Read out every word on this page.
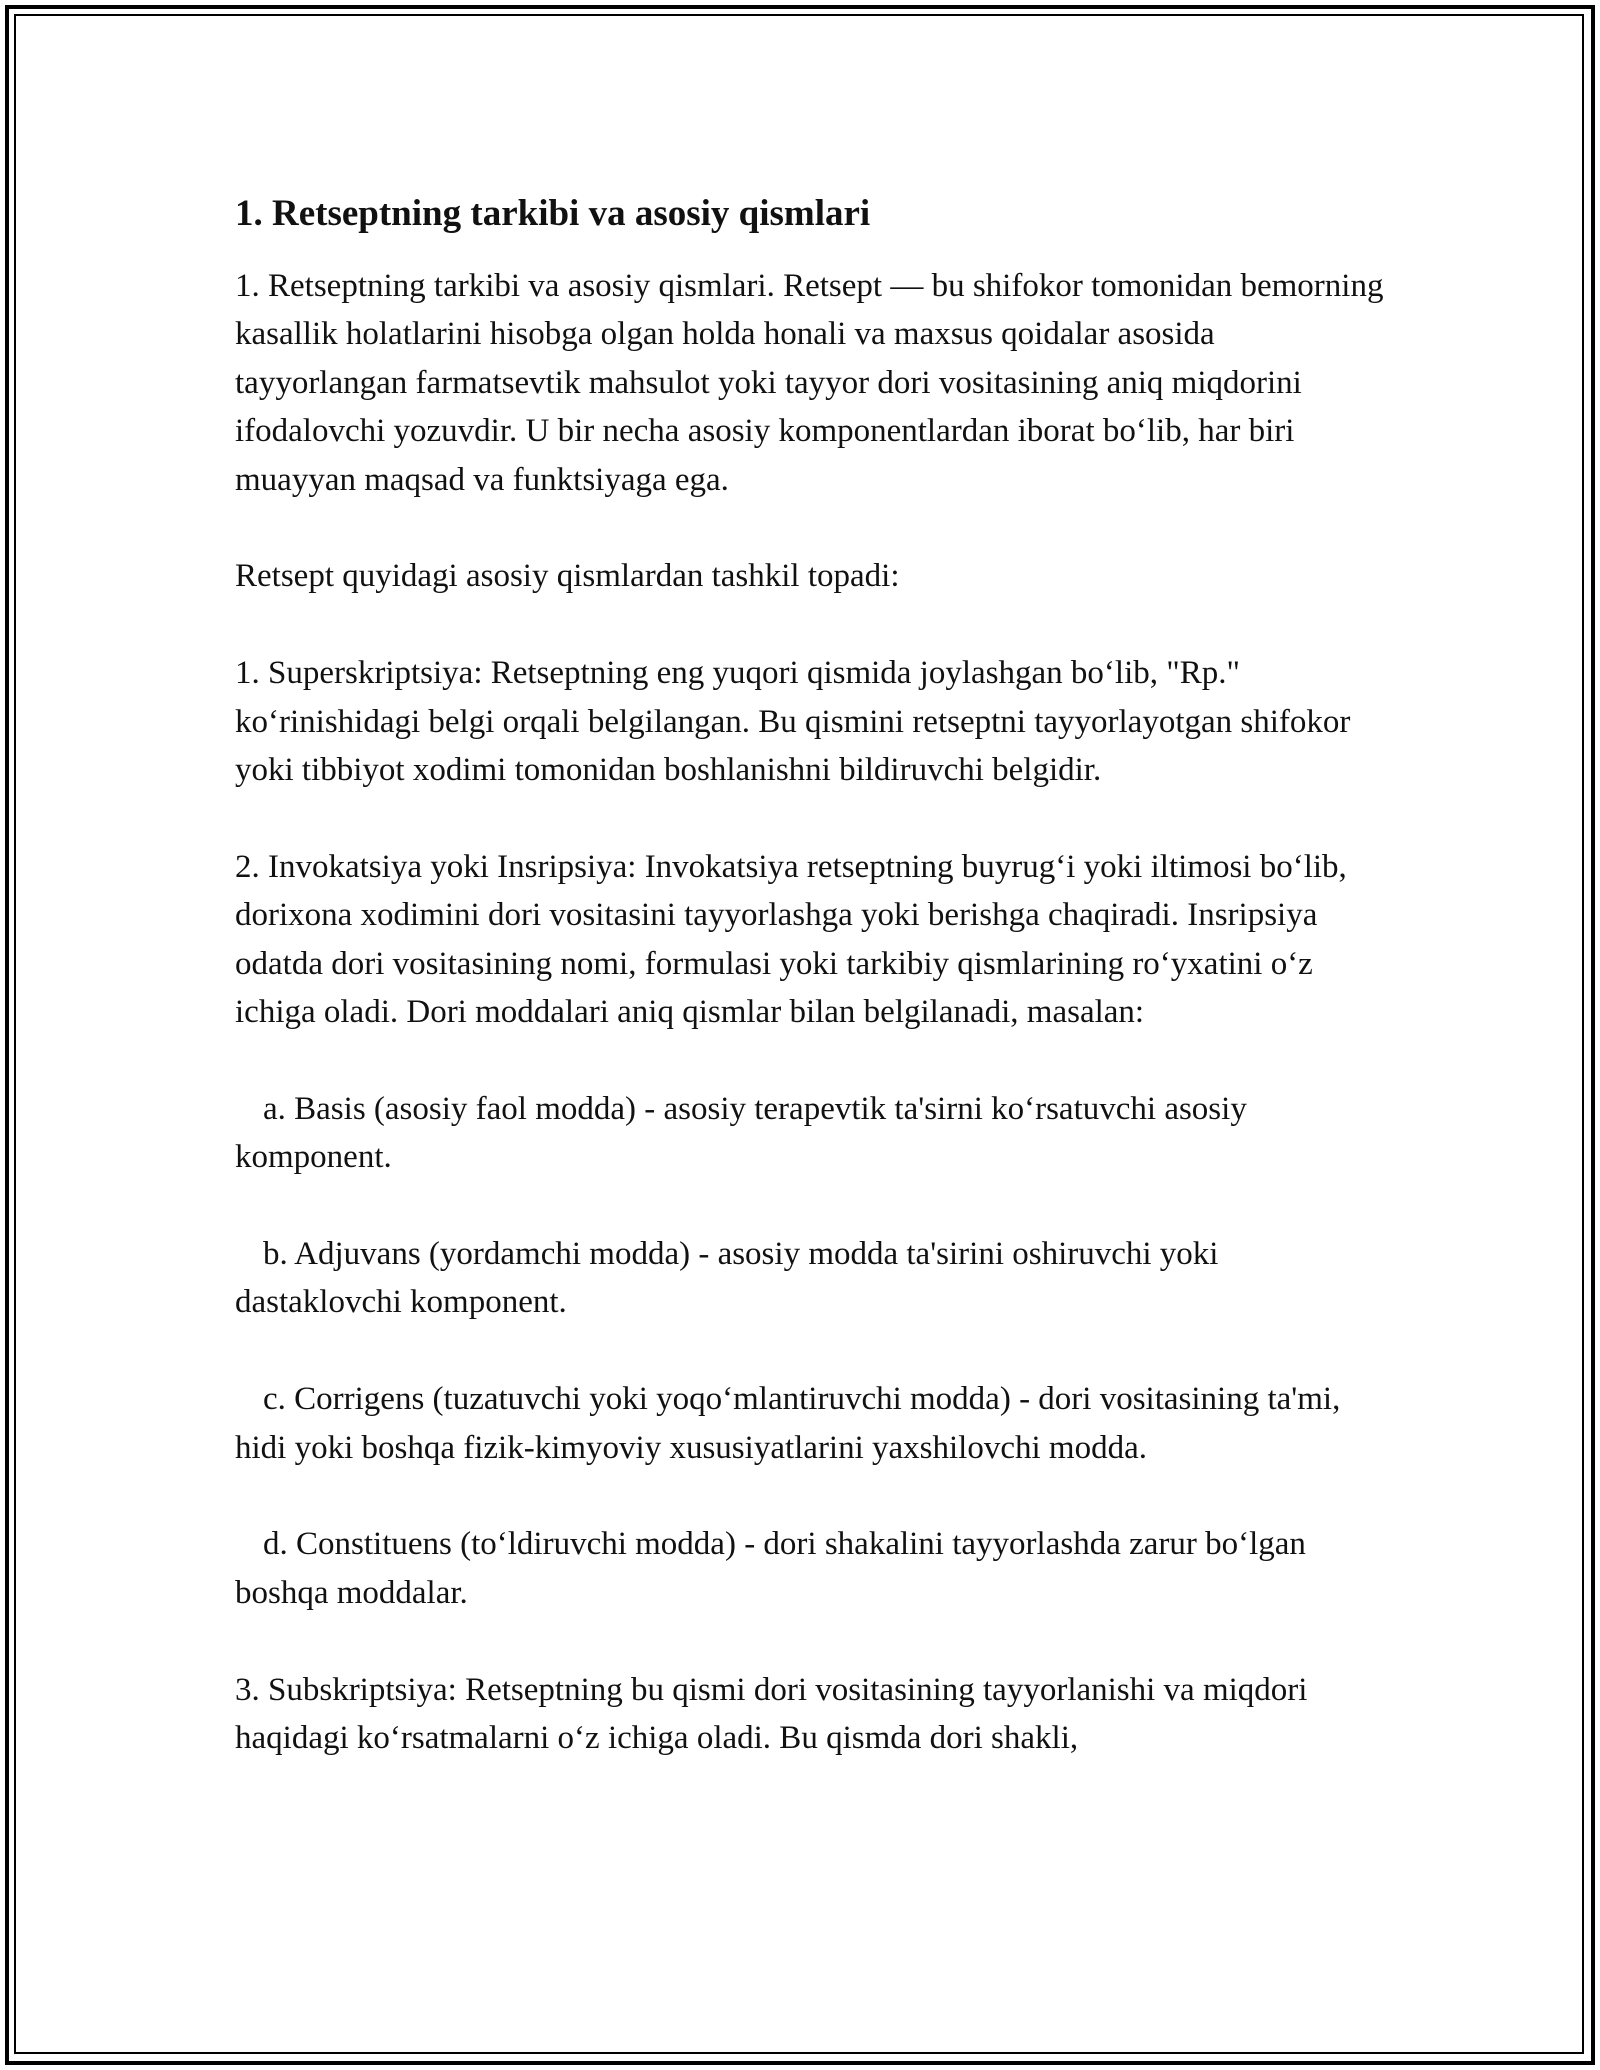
1. Retseptning tarkibi va asosiy qismlari

1. Retseptning tarkibi va asosiy qismlari. Retsept — bu shifokor tomonidan bemorning kasallik holatlarini hisobga olgan holda honali va maxsus qoidalar asosida tayyorlangan farmatsevtik mahsulot yoki tayyor dori vositasining aniq miqdorini ifodalovchi yozuvdir. U bir necha asosiy komponentlardan iborat bo‘lib, har biri muayyan maqsad va funktsiyaga ega.

Retsept quyidagi asosiy qismlardan tashkil topadi:

1. Superskriptsiya: Retseptning eng yuqori qismida joylashgan bo‘lib, "Rp." ko‘rinishidagi belgi orqali belgilangan. Bu qismini retseptni tayyorlayotgan shifokor yoki tibbiyot xodimi tomonidan boshlanishni bildiruvchi belgidir.

2. Invokatsiya yoki Insripsiya: Invokatsiya retseptning buyrug‘i yoki iltimosi bo‘lib, dorixona xodimini dori vositasini tayyorlashga yoki berishga chaqiradi. Insripsiya odatda dori vositasining nomi, formulasi yoki tarkibiy qismlarining ro‘yxatini o‘z ichiga oladi. Dori moddalari aniq qismlar bilan belgilanadi, masalan:

a. Basis (asosiy faol modda) - asosiy terapevtik ta'sirni ko‘rsatuvchi asosiy komponent.

b. Adjuvans (yordamchi modda) - asosiy modda ta'sirini oshiruvchi yoki dastaklovchi komponent.

c. Corrigens (tuzatuvchi yoki yoqo‘mlantiruvchi modda) - dori vositasining ta'mi, hidi yoki boshqa fizik-kimyoviy xususiyatlarini yaxshilovchi modda.

d. Constituens (to‘ldiruvchi modda) - dori shakalini tayyorlashda zarur bo‘lgan boshqa moddalar.

3. Subskriptsiya: Retseptning bu qismi dori vositasining tayyorlanishi va miqdori haqidagi ko‘rsatmalarni o‘z ichiga oladi. Bu qismda dori shakli,
